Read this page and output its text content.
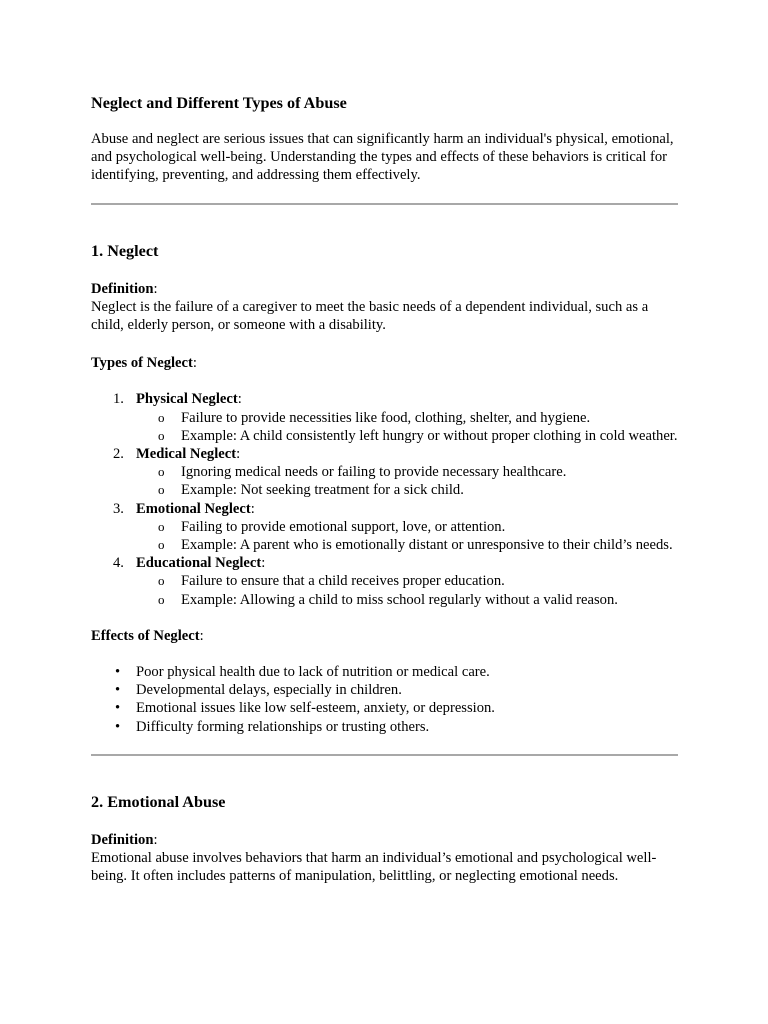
Neglect and Different Types of Abuse

Abuse and neglect are serious issues that can significantly harm an individual's physical, emotional, and psychological well-being. Understanding the types and effects of these behaviors is critical for identifying, preventing, and addressing them effectively.

1. Neglect

Definition:

Neglect is the failure of a caregiver to meet the basic needs of a dependent individual, such as a child, elderly person, or someone with a disability.

Types of Neglect:

1. Physical Neglect:
o Failure to provide necessities like food, clothing, shelter, and hygiene.
o Example: A child consistently left hungry or without proper clothing in cold weather.
2. Medical Neglect:
o Ignoring medical needs or failing to provide necessary healthcare.
o Example: Not seeking treatment for a sick child.
3. Emotional Neglect:
o Failing to provide emotional support, love, or attention.
o Example: A parent who is emotionally distant or unresponsive to their child’s needs.
4. Educational Neglect:
o Failure to ensure that a child receives proper education.
o Example: Allowing a child to miss school regularly without a valid reason.

Effects of Neglect:

• Poor physical health due to lack of nutrition or medical care.
• Developmental delays, especially in children.
• Emotional issues like low self-esteem, anxiety, or depression.
• Difficulty forming relationships or trusting others.
2. Emotional Abuse

Definition:

Emotional abuse involves behaviors that harm an individual’s emotional and psychological well-being. It often includes patterns of manipulation, belittling, or neglecting emotional needs.
